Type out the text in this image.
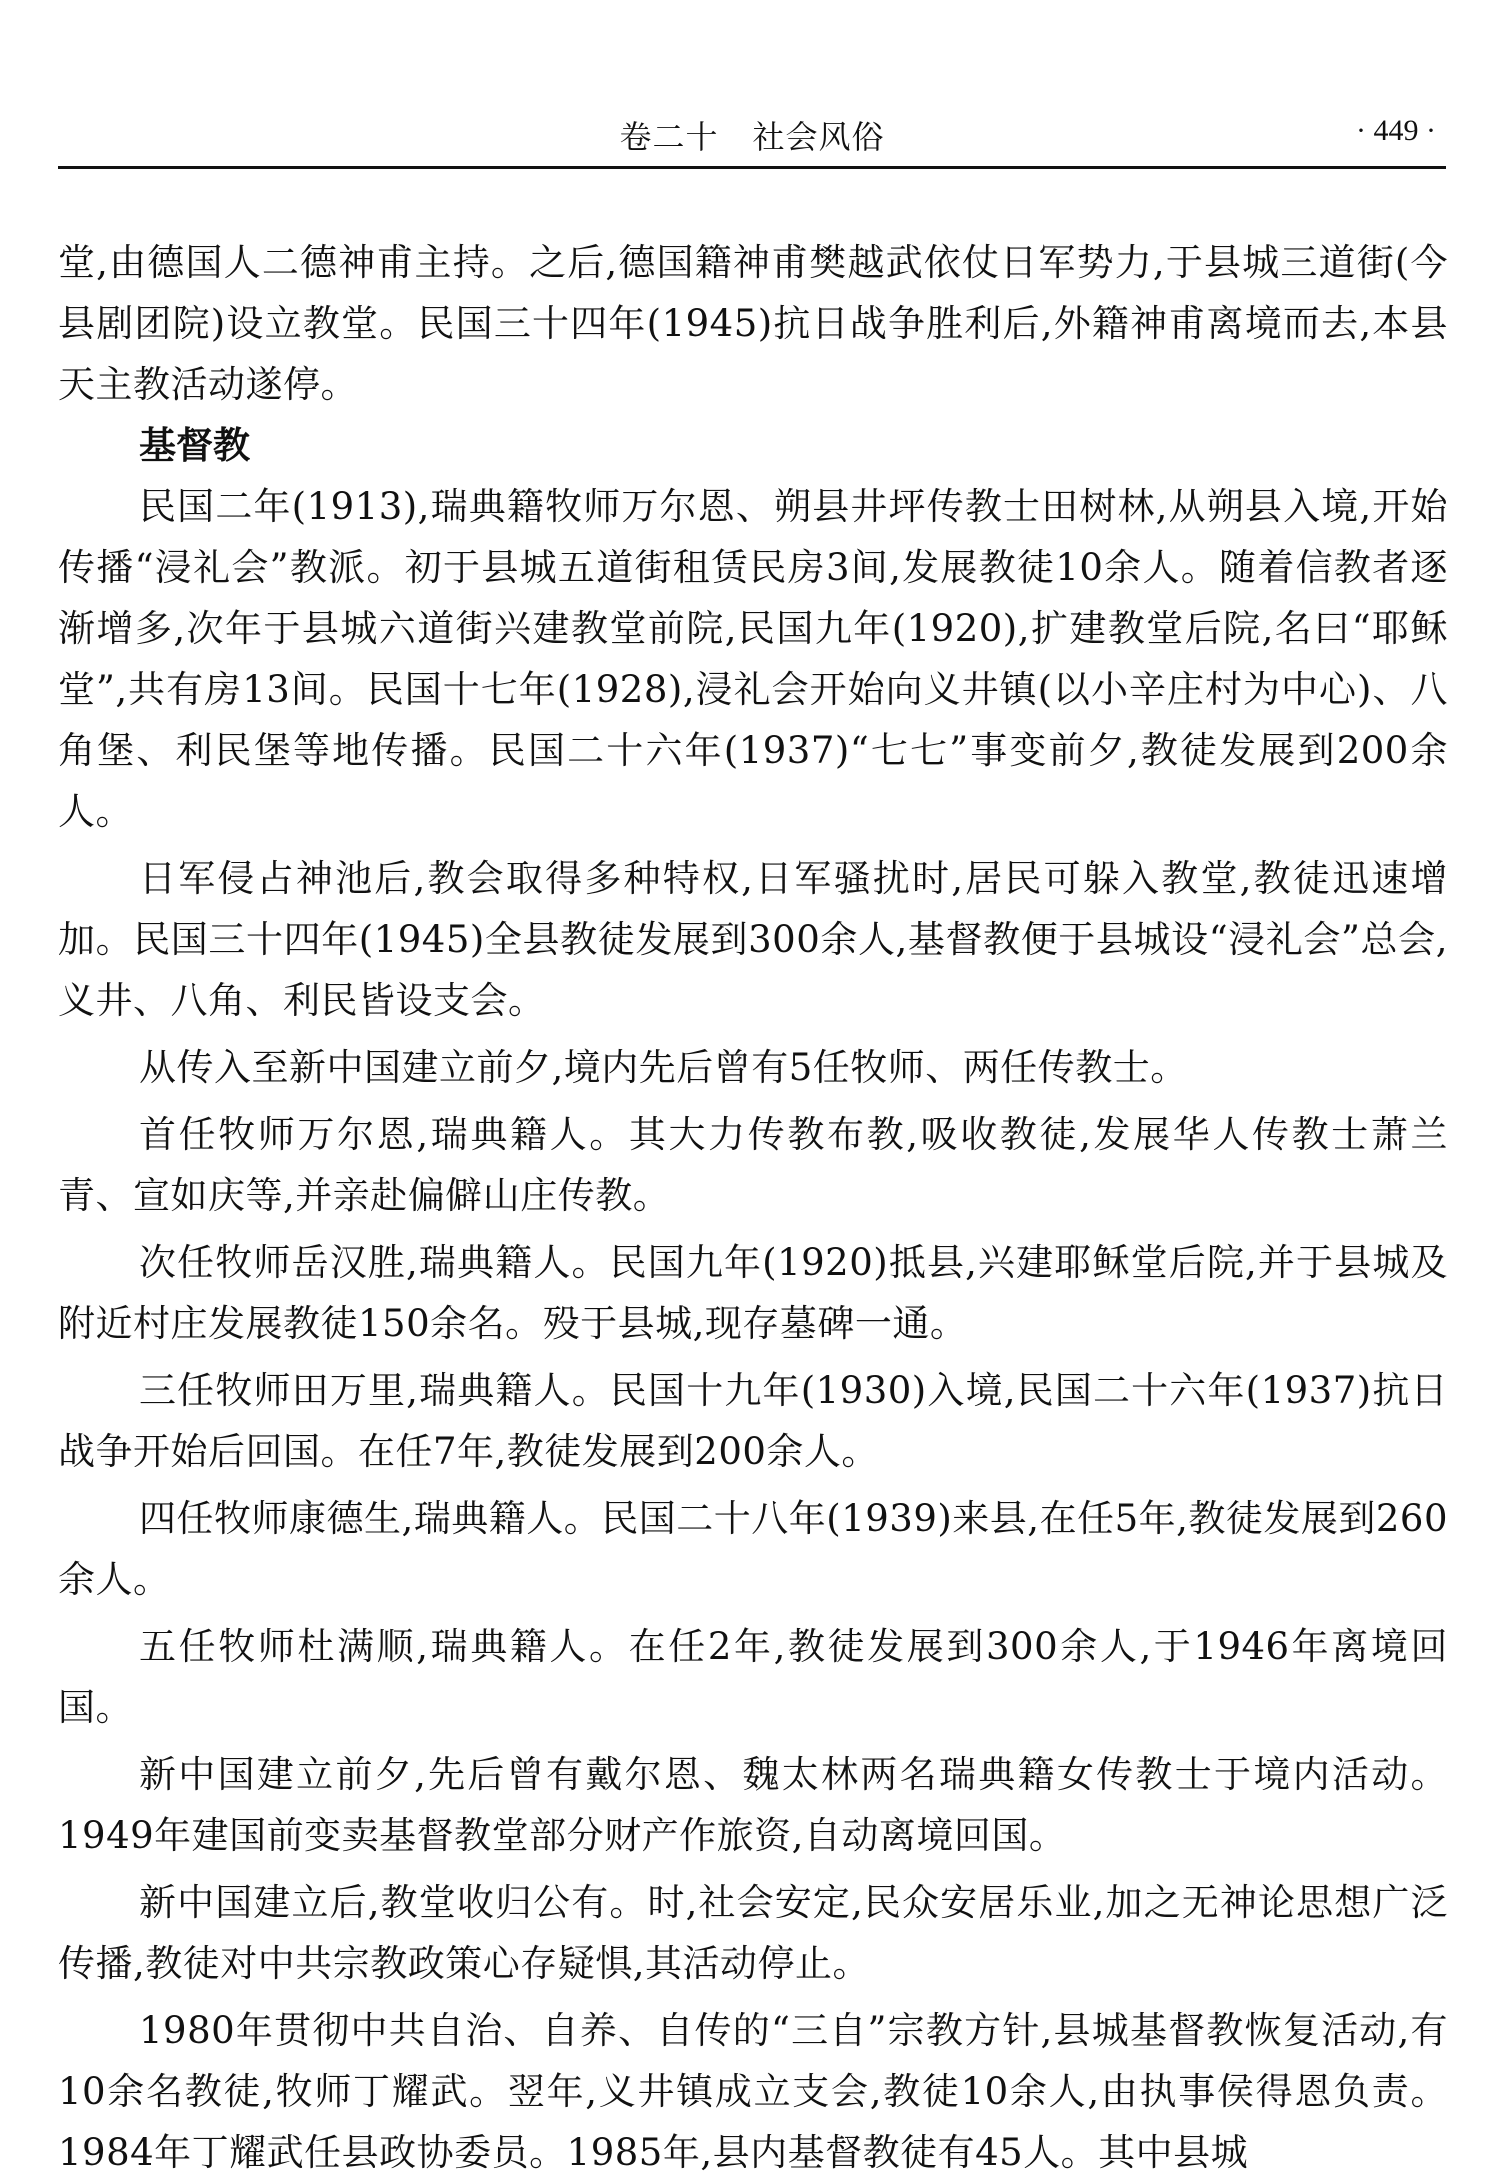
卷二十 社会风俗	· 449 ·

堂,由德国人二德神甫主持。之后,德国籍神甫樊越武依仗日军势力,于县城三道街(今县剧团院)设立教堂。民国三十四年(1945)抗日战争胜利后,外籍神甫离境而去,本县天主教活动遂停。

基督教

民国二年(1913),瑞典籍牧师万尔恩、朔县井坪传教士田树林,从朔县入境,开始传播“浸礼会”教派。初于县城五道街租赁民房3间,发展教徒10余人。随着信教者逐渐增多,次年于县城六道街兴建教堂前院,民国九年(1920),扩建教堂后院,名曰“耶稣堂”,共有房13间。民国十七年(1928),浸礼会开始向义井镇(以小辛庄村为中心)、八角堡、利民堡等地传播。民国二十六年(1937)“七七”事变前夕,教徒发展到200余人。

日军侵占神池后,教会取得多种特权,日军骚扰时,居民可躲入教堂,教徒迅速增加。民国三十四年(1945)全县教徒发展到300余人,基督教便于县城设“浸礼会”总会,义井、八角、利民皆设支会。

从传入至新中国建立前夕,境内先后曾有5任牧师、两任传教士。

首任牧师万尔恩,瑞典籍人。其大力传教布教,吸收教徒,发展华人传教士萧兰青、宣如庆等,并亲赴偏僻山庄传教。

次任牧师岳汉胜,瑞典籍人。民国九年(1920)抵县,兴建耶稣堂后院,并于县城及附近村庄发展教徒150余名。殁于县城,现存墓碑一通。

三任牧师田万里,瑞典籍人。民国十九年(1930)入境,民国二十六年(1937)抗日战争开始后回国。在任7年,教徒发展到200余人。

四任牧师康德生,瑞典籍人。民国二十八年(1939)来县,在任5年,教徒发展到260余人。

五任牧师杜满顺,瑞典籍人。在任2年,教徒发展到300余人,于1946年离境回国。

新中国建立前夕,先后曾有戴尔恩、魏太林两名瑞典籍女传教士于境内活动。1949年建国前变卖基督教堂部分财产作旅资,自动离境回国。

新中国建立后,教堂收归公有。时,社会安定,民众安居乐业,加之无神论思想广泛传播,教徒对中共宗教政策心存疑惧,其活动停止。

1980年贯彻中共自治、自养、自传的“三自”宗教方针,县城基督教恢复活动,有10余名教徒,牧师丁耀武。翌年,义井镇成立支会,教徒10余人,由执事侯得恩负责。1984年丁耀武任县政协委员。1985年,县内基督教徒有45人。其中县城
